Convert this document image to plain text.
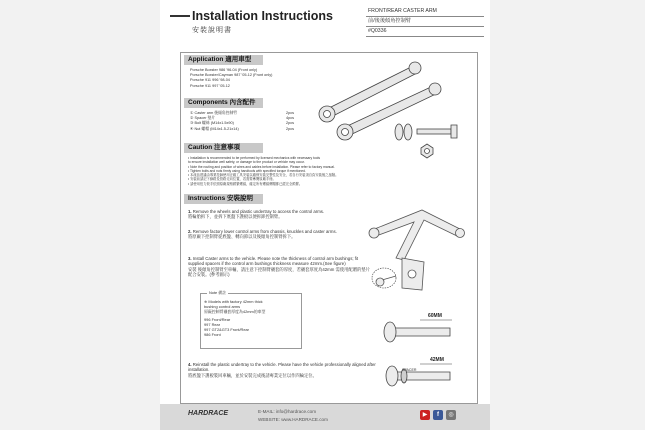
Installation Instructions
安裝說明書
FRONT/REAR CASTER ARM
前/後後傾角控制臂
#Q0336
Application 適用車型
Porsche Boxster 986 '96-04 (Front only)
Porsche Boxster/Cayman 987 '05-12 (Front only)
Porsche 911 996 '98-04
Porsche 911 997 '05-12
Components 內含配件
① Caster arm 後傾角控制臂	2pcs
② Spacer 墊片	4pcs
③ Bolt 螺絲 (M14x1.5x90)	2pcs
④ Nut 螺帽 (M14x1.5-21x14)	2pcs
Caution 注意事項
• Installation is recommended to be performed by licensed mechanics with necessary tools
to ensure installation well safety, or damage to the product or vehicle may occur.
• Note the routing and position of wires and cables before installation. Please refer to factory manual.
• Tighten bolts and nuts firmly using handtools with specified torque if mentioned.
• 本產品建議由專業技師使用正確工具安裝以確保安裝完整性及安全，若自行安裝須自負安裝後之風險。
• 安裝前請記下線路及管路走向位置，若需要參閱原廠手冊。
• 請使用扭力扳手依照原廠規格鎖緊螺絲，確定所有螺絲螺帽都已經完全鎖緊。
Instructions 安裝說明
1. Remove the wheels and plastic undertray to access the control arms.
將輪胎拆下，並拆下底盤下護板以便拆卸控制臂。
2. Remove factory lower control arms from chassis, knuckles and caster arms.
將原廠下控制臂從底盤、轉向節以及後傾角控制臂拆下。
3. Install Caster arms to the vehicle. Please note the thickness of control arm bushings; fit supplied spacers if the control arm bushings thickness measure 42mm.(See figure)
安裝 後傾角控制臂至車輛，請注意下控制臂襯套的厚度，若襯套厚度為42mm 需使用配贈的墊片配合安裝。(參考圖示)
Note 備註
※ Models with factory 42mm thick
bushing control arms
原廠控制臂襯套厚度為42mm的車型
996 Front/Rear
997 Rear
997 GT2&GT3 Front/Rear
986 Front
4. Reinstall the plastic undertray to the vehicle. Please have the vehicle professionally aligned after installation.
將底盤下護板裝回車輛，並於安裝完成後請專業定位以作四輪定位。
60MM
42MM
SPACER
HARDRACE	E-MAIL: info@hardrace.com
WEBSITE: www.HARDRACE.com
▶	f	◎
